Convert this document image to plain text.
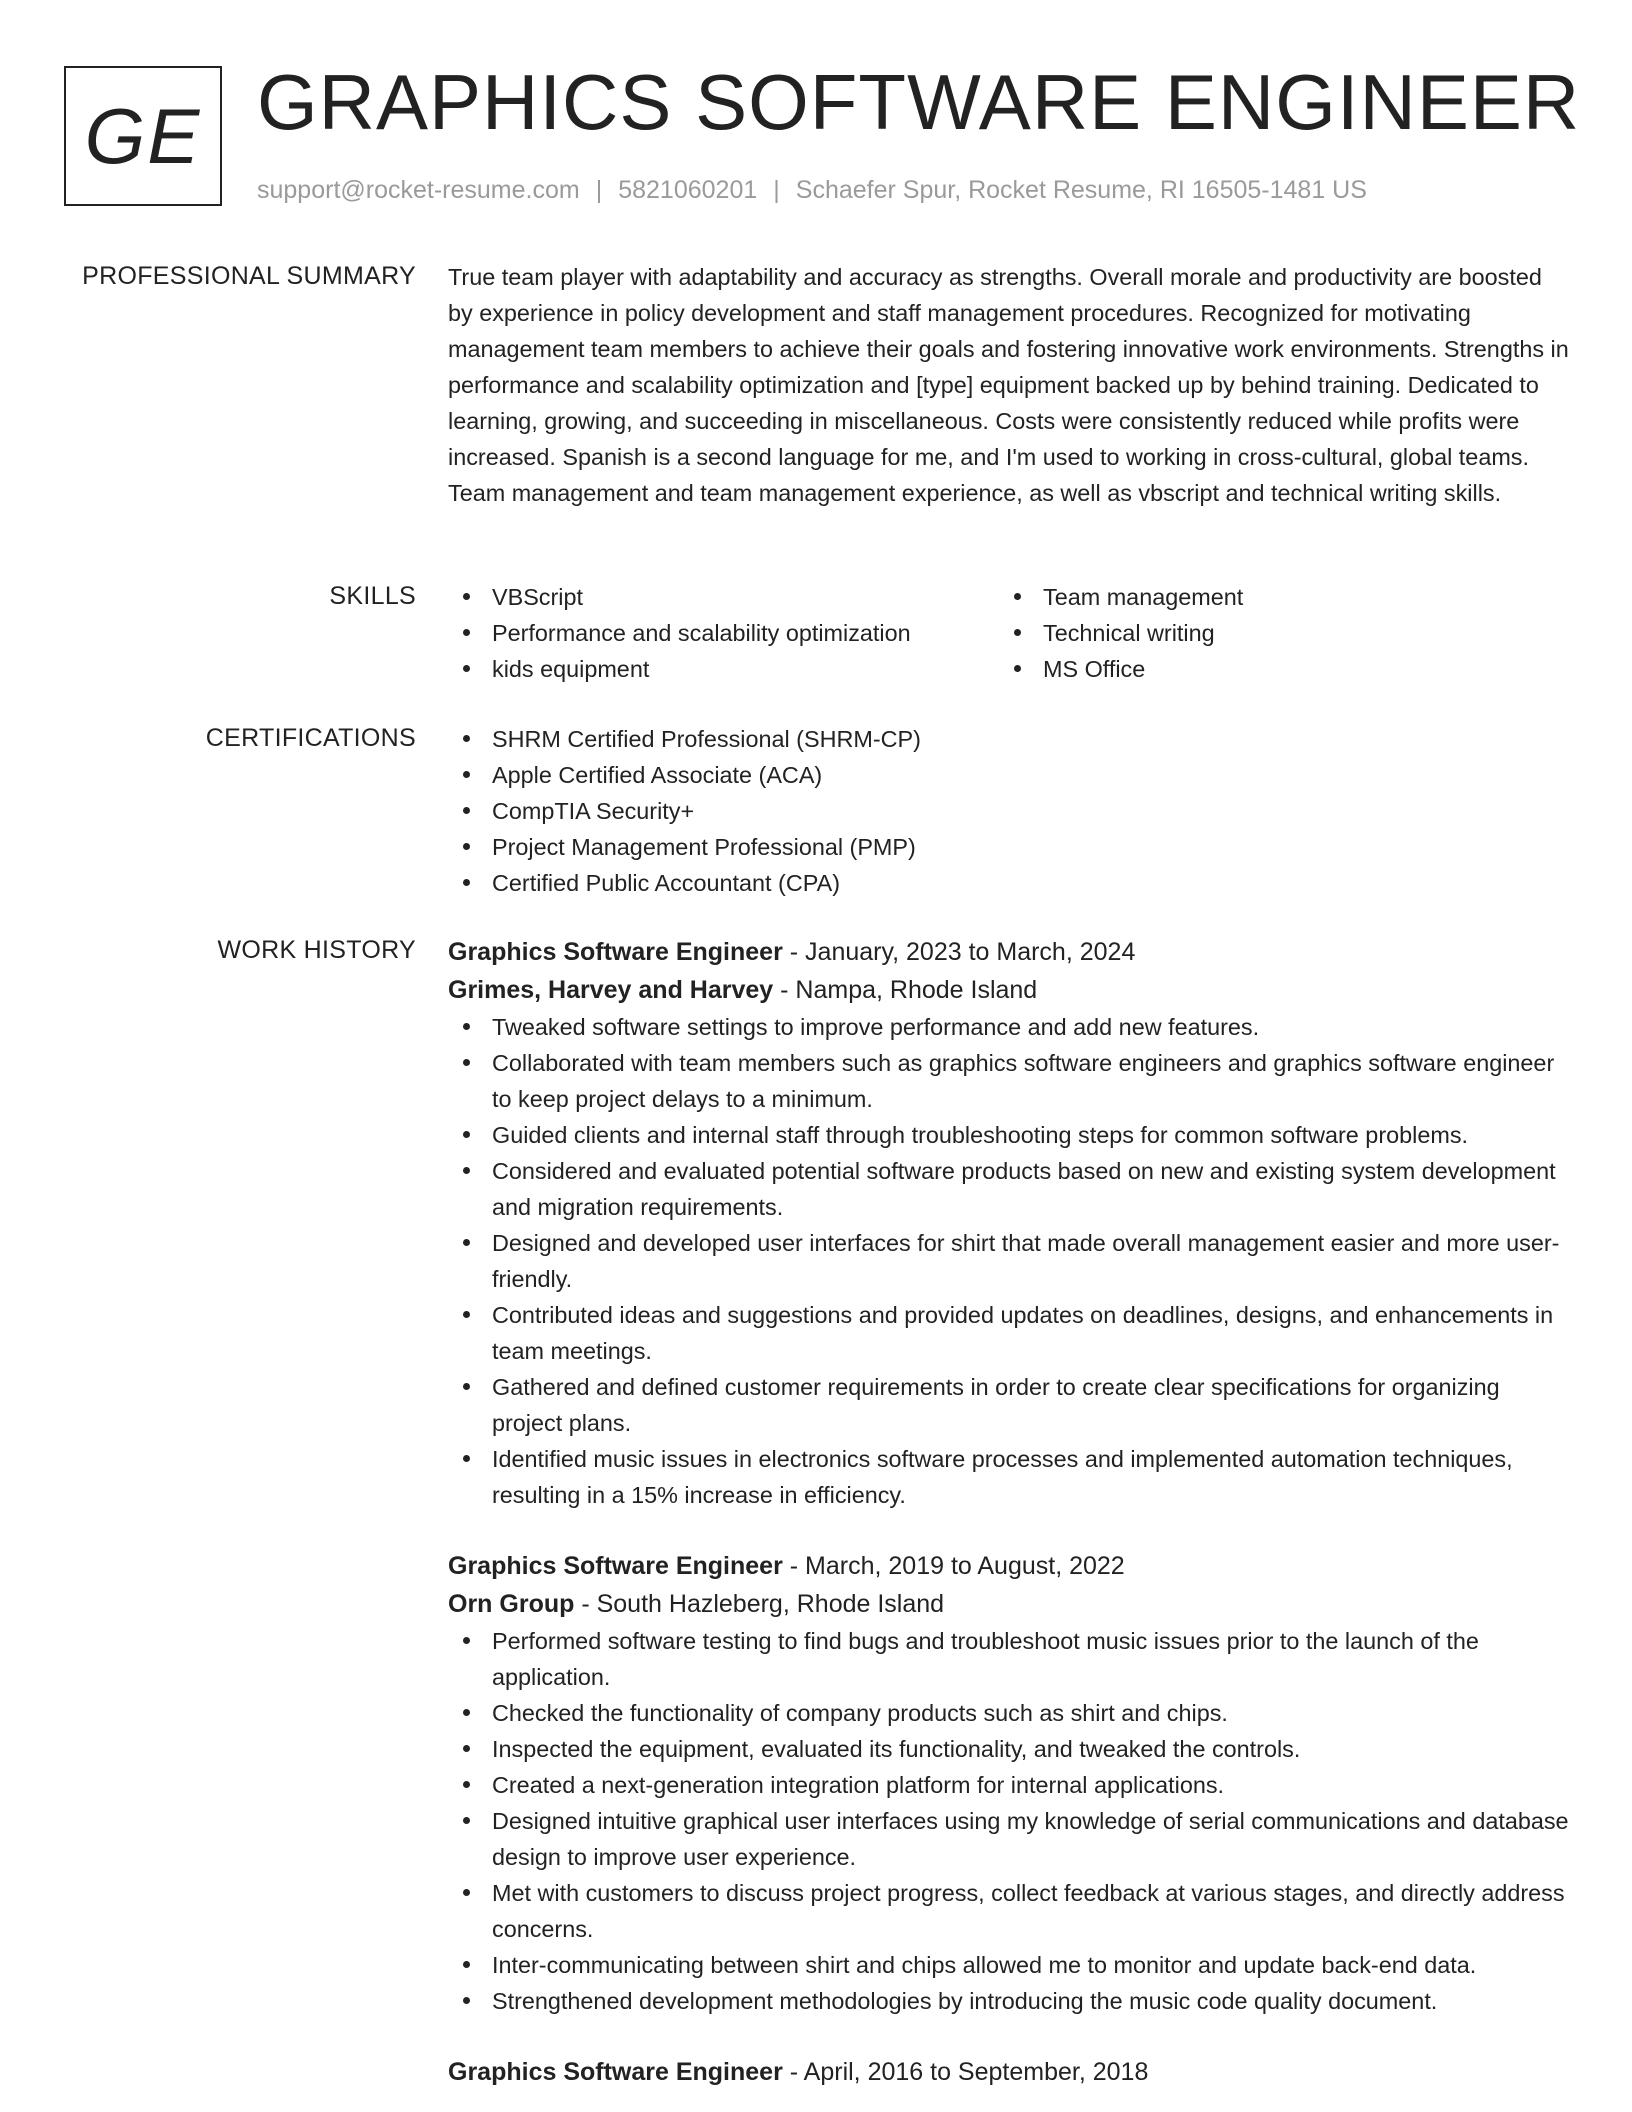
GE GRAPHICS SOFTWARE ENGINEER
support@rocket-resume.com | 5821060201 | Schaefer Spur, Rocket Resume, RI 16505-1481 US
PROFESSIONAL SUMMARY True team player with adaptability and accuracy as strengths. Overall morale and productivity are boosted by experience in policy development and staff management procedures. Recognized for motivating management team members to achieve their goals and fostering innovative work environments. Strengths in performance and scalability optimization and [type] equipment backed up by behind training. Dedicated to learning, growing, and succeeding in miscellaneous. Costs were consistently reduced while profits were increased. Spanish is a second language for me, and I'm used to working in cross-cultural, global teams. Team management and team management experience, as well as vbscript and technical writing skills.

SKILLS	VBScript
Performance and scalability optimization
kids equipment
Team management
Technical writing
MS Office
CERTIFICATIONS	SHRM Certified Professional (SHRM-CP)
Apple Certified Associate (ACA)
CompTIA Security+
Project Management Professional (PMP)
Certified Public Accountant (CPA)
WORK HISTORY Graphics Software Engineer - January, 2023 to March, 2024
Grimes, Harvey and Harvey - Nampa, Rhode Island
Tweaked software settings to improve performance and add new features.
Collaborated with team members such as graphics software engineers and graphics software engineer to keep project delays to a minimum.
Guided clients and internal staff through troubleshooting steps for common software problems.
Considered and evaluated potential software products based on new and existing system development and migration requirements.
Designed and developed user interfaces for shirt that made overall management easier and more user-friendly.
Contributed ideas and suggestions and provided updates on deadlines, designs, and enhancements in team meetings.
Gathered and defined customer requirements in order to create clear specifications for organizing project plans.
Identified music issues in electronics software processes and implemented automation techniques, resulting in a 15% increase in efficiency.
Graphics Software Engineer - March, 2019 to August, 2022
Orn Group - South Hazleberg, Rhode Island
Performed software testing to find bugs and troubleshoot music issues prior to the launch of the application.
Checked the functionality of company products such as shirt and chips.
Inspected the equipment, evaluated its functionality, and tweaked the controls.
Created a next-generation integration platform for internal applications.
Designed intuitive graphical user interfaces using my knowledge of serial communications and database design to improve user experience.
Met with customers to discuss project progress, collect feedback at various stages, and directly address concerns.
Inter-communicating between shirt and chips allowed me to monitor and update back-end data.
Strengthened development methodologies by introducing the music code quality document.
Graphics Software Engineer - April, 2016 to September, 2018
